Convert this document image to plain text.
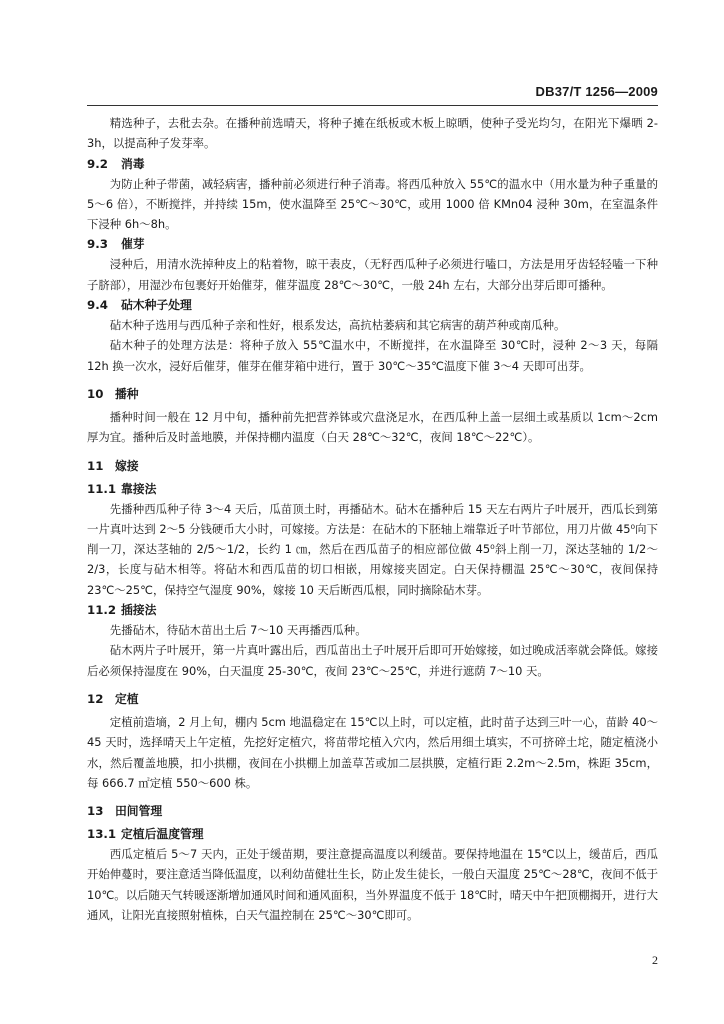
DB37/T 1256—2009

精选种子，去秕去杂。在播种前选晴天，将种子摊在纸板或木板上晾晒，使种子受光均匀，在阳光下爆晒 2-3h，以提高种子发芽率。

9.2 消毒

为防止种子带菌，减轻病害，播种前必须进行种子消毒。将西瓜种放入 55℃的温水中（用水量为种子重量的 5～6 倍），不断搅拌，并持续 15m，使水温降至 25℃～30℃，或用 1000 倍 KMn04 浸种 30m，在室温条件下浸种 6h～8h。

9.3 催芽

浸种后，用清水洗掉种皮上的粘着物，晾干表皮，（无籽西瓜种子必须进行嗑口，方法是用牙齿轻轻嗑一下种子脐部），用湿沙布包裹好开始催芽，催芽温度 28℃～30℃，一般 24h 左右，大部分出芽后即可播种。

9.4 砧木种子处理

砧木种子选用与西瓜种子亲和性好，根系发达，高抗枯萎病和其它病害的葫芦种或南瓜种。

砧木种子的处理方法是：将种子放入 55℃温水中，不断搅拌，在水温降至 30℃时，浸种 2～3 天，每隔 12h 换一次水，浸好后催芽，催芽在催芽箱中进行，置于 30℃～35℃温度下催 3～4 天即可出芽。

10 播种

播种时间一般在 12 月中旬，播种前先把营养钵或穴盘浇足水，在西瓜种上盖一层细土或基质以 1cm～2cm 厚为宜。播种后及时盖地膜，并保持棚内温度（白天 28℃～32℃，夜间 18℃～22℃）。

11 嫁接
11.1 靠接法

先播种西瓜种子待 3～4 天后，瓜苗顶土时，再播砧木。砧木在播种后 15 天左右两片子叶展开，西瓜长到第一片真叶达到 2～5 分钱硬币大小时，可嫁接。方法是：在砧木的下胚轴上端靠近子叶节部位，用刀片做 45⁰向下削一刀，深达茎轴的 2/5～1/2，长约 1 ㎝，然后在西瓜苗子的相应部位做 45⁰斜上削一刀，深达茎轴的 1/2～2/3，长度与砧木相等。将砧木和西瓜苗的切口相嵌，用嫁接夹固定。白天保持棚温 25℃～30℃，夜间保持 23℃～25℃，保持空气湿度 90%，嫁接 10 天后断西瓜根，同时摘除砧木芽。

11.2 插接法

先播砧木，待砧木苗出土后 7～10 天再播西瓜种。

砧木两片子叶展开，第一片真叶露出后，西瓜苗出土子叶展开后即可开始嫁接，如过晚成活率就会降低。嫁接后必须保持湿度在 90%，白天温度 25-30℃，夜间 23℃～25℃，并进行遮荫 7～10 天。

12 定植

定植前造墒，2 月上旬，棚内 5cm 地温稳定在 15℃以上时，可以定植，此时苗子达到三叶一心，苗龄 40～45 天时，选择晴天上午定植，先挖好定植穴，将苗带坨植入穴内，然后用细土填实，不可挤碎土坨，随定植浇小水，然后覆盖地膜，扣小拱棚，夜间在小拱棚上加盖草苫或加二层拱膜，定植行距 2.2m～2.5m，株距 35cm，每 666.7 ㎡定植 550～600 株。

13 田间管理
13.1 定植后温度管理

西瓜定植后 5～7 天内，正处于缓苗期，要注意提高温度以利缓苗。要保持地温在 15℃以上，缓苗后，西瓜开始伸蔓时，要注意适当降低温度，以利幼苗健壮生长，防止发生徒长，一般白天温度 25℃～28℃，夜间不低于 10℃。以后随天气转暖逐渐增加通风时间和通风面积，当外界温度不低于 18℃时，晴天中午把顶棚揭开，进行大通风，让阳光直接照射植株，白天气温控制在 25℃～30℃即可。

2
